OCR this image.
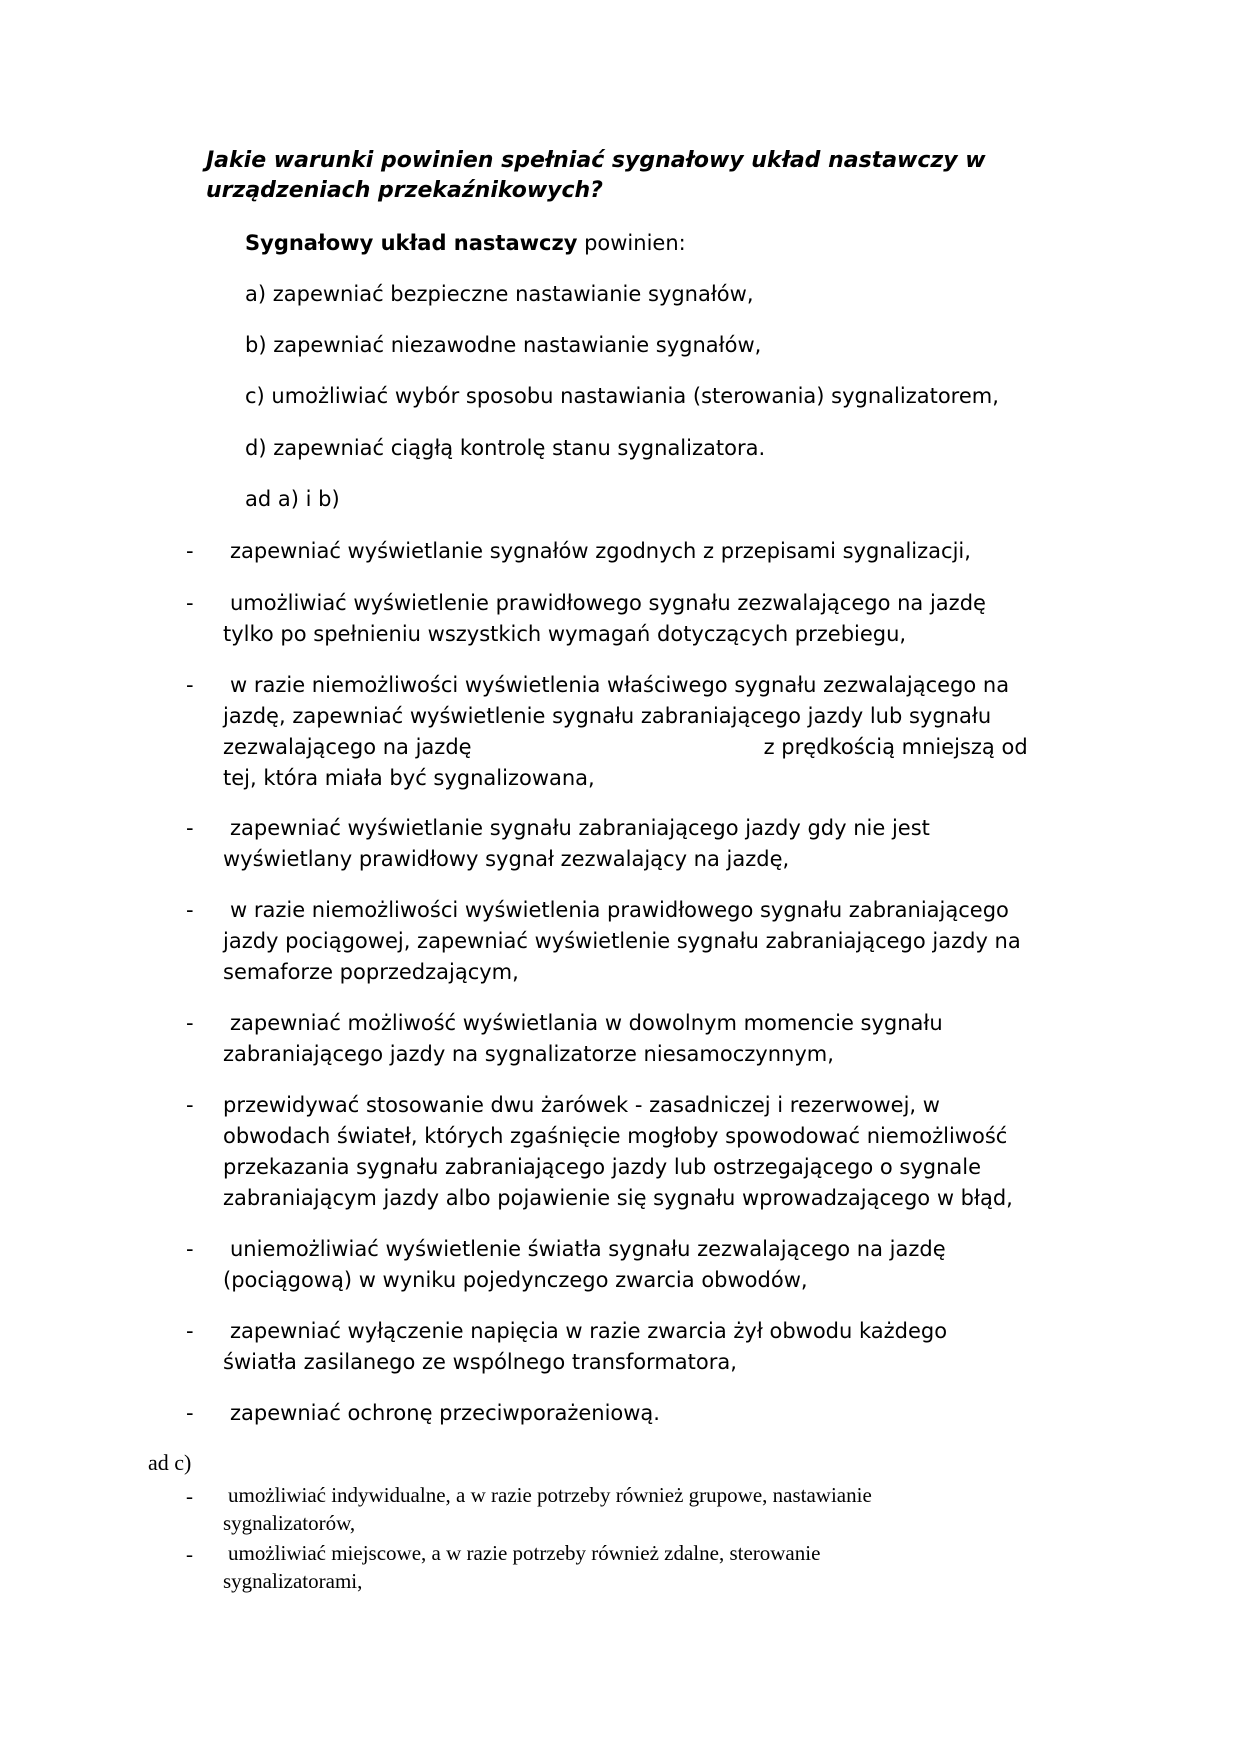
Jakie warunki powinien spełniać sygnałowy układ nastawczy w urządzeniach przekaźnikowych?
Sygnałowy układ nastawczy powinien:
a) zapewniać bezpieczne nastawianie sygnałów,
b) zapewniać niezawodne nastawianie sygnałów,
c) umożliwiać wybór sposobu nastawiania (sterowania) sygnalizatorem,
d) zapewniać ciągłą kontrolę stanu sygnalizatora.
ad a) i b)
-	zapewniać wyświetlanie sygnałów zgodnych z przepisami sygnalizacji,
-	umożliwiać wyświetlenie prawidłowego sygnału zezwalającego na jazdę
tylko po spełnieniu wszystkich wymagań dotyczących przebiegu,
-	w razie niemożliwości wyświetlenia właściwego sygnału zezwalającego na
jazdę, zapewniać wyświetlenie sygnału zabraniającego jazdy lub sygnału
zezwalającego na jazdę	z prędkością mniejszą od
tej, która miała być sygnalizowana,
-	zapewniać wyświetlanie sygnału zabraniającego jazdy gdy nie jest
wyświetlany prawidłowy sygnał zezwalający na jazdę,
-	w razie niemożliwości wyświetlenia prawidłowego sygnału zabraniającego
jazdy pociągowej, zapewniać wyświetlenie sygnału zabraniającego jazdy na semaforze poprzedzającym,
-	zapewniać możliwość wyświetlania w dowolnym momencie sygnału
zabraniającego jazdy na sygnalizatorze niesamoczynnym,
- przewidywać stosowanie dwu żarówek - zasadniczej i rezerwowej, w
obwodach świateł, których zgaśnięcie mogłoby spowodować niemożliwość przekazania sygnału zabraniającego jazdy lub ostrzegającego o sygnale zabraniającym jazdy albo pojawienie się sygnału wprowadzającego w błąd,
-	uniemożliwiać wyświetlenie światła sygnału zezwalającego na jazdę
(pociągową) w wyniku pojedynczego zwarcia obwodów,
-	zapewniać wyłączenie napięcia w razie zwarcia żył obwodu każdego
światła zasilanego ze wspólnego transformatora,
-	zapewniać ochronę przeciwporażeniową.
ad c)
- umożliwiać indywidualne, a w razie potrzeby również grupowe, nastawianie
sygnalizatorów,
- umożliwiać miejscowe, a w razie potrzeby również zdalne, sterowanie
sygnalizatorami,
